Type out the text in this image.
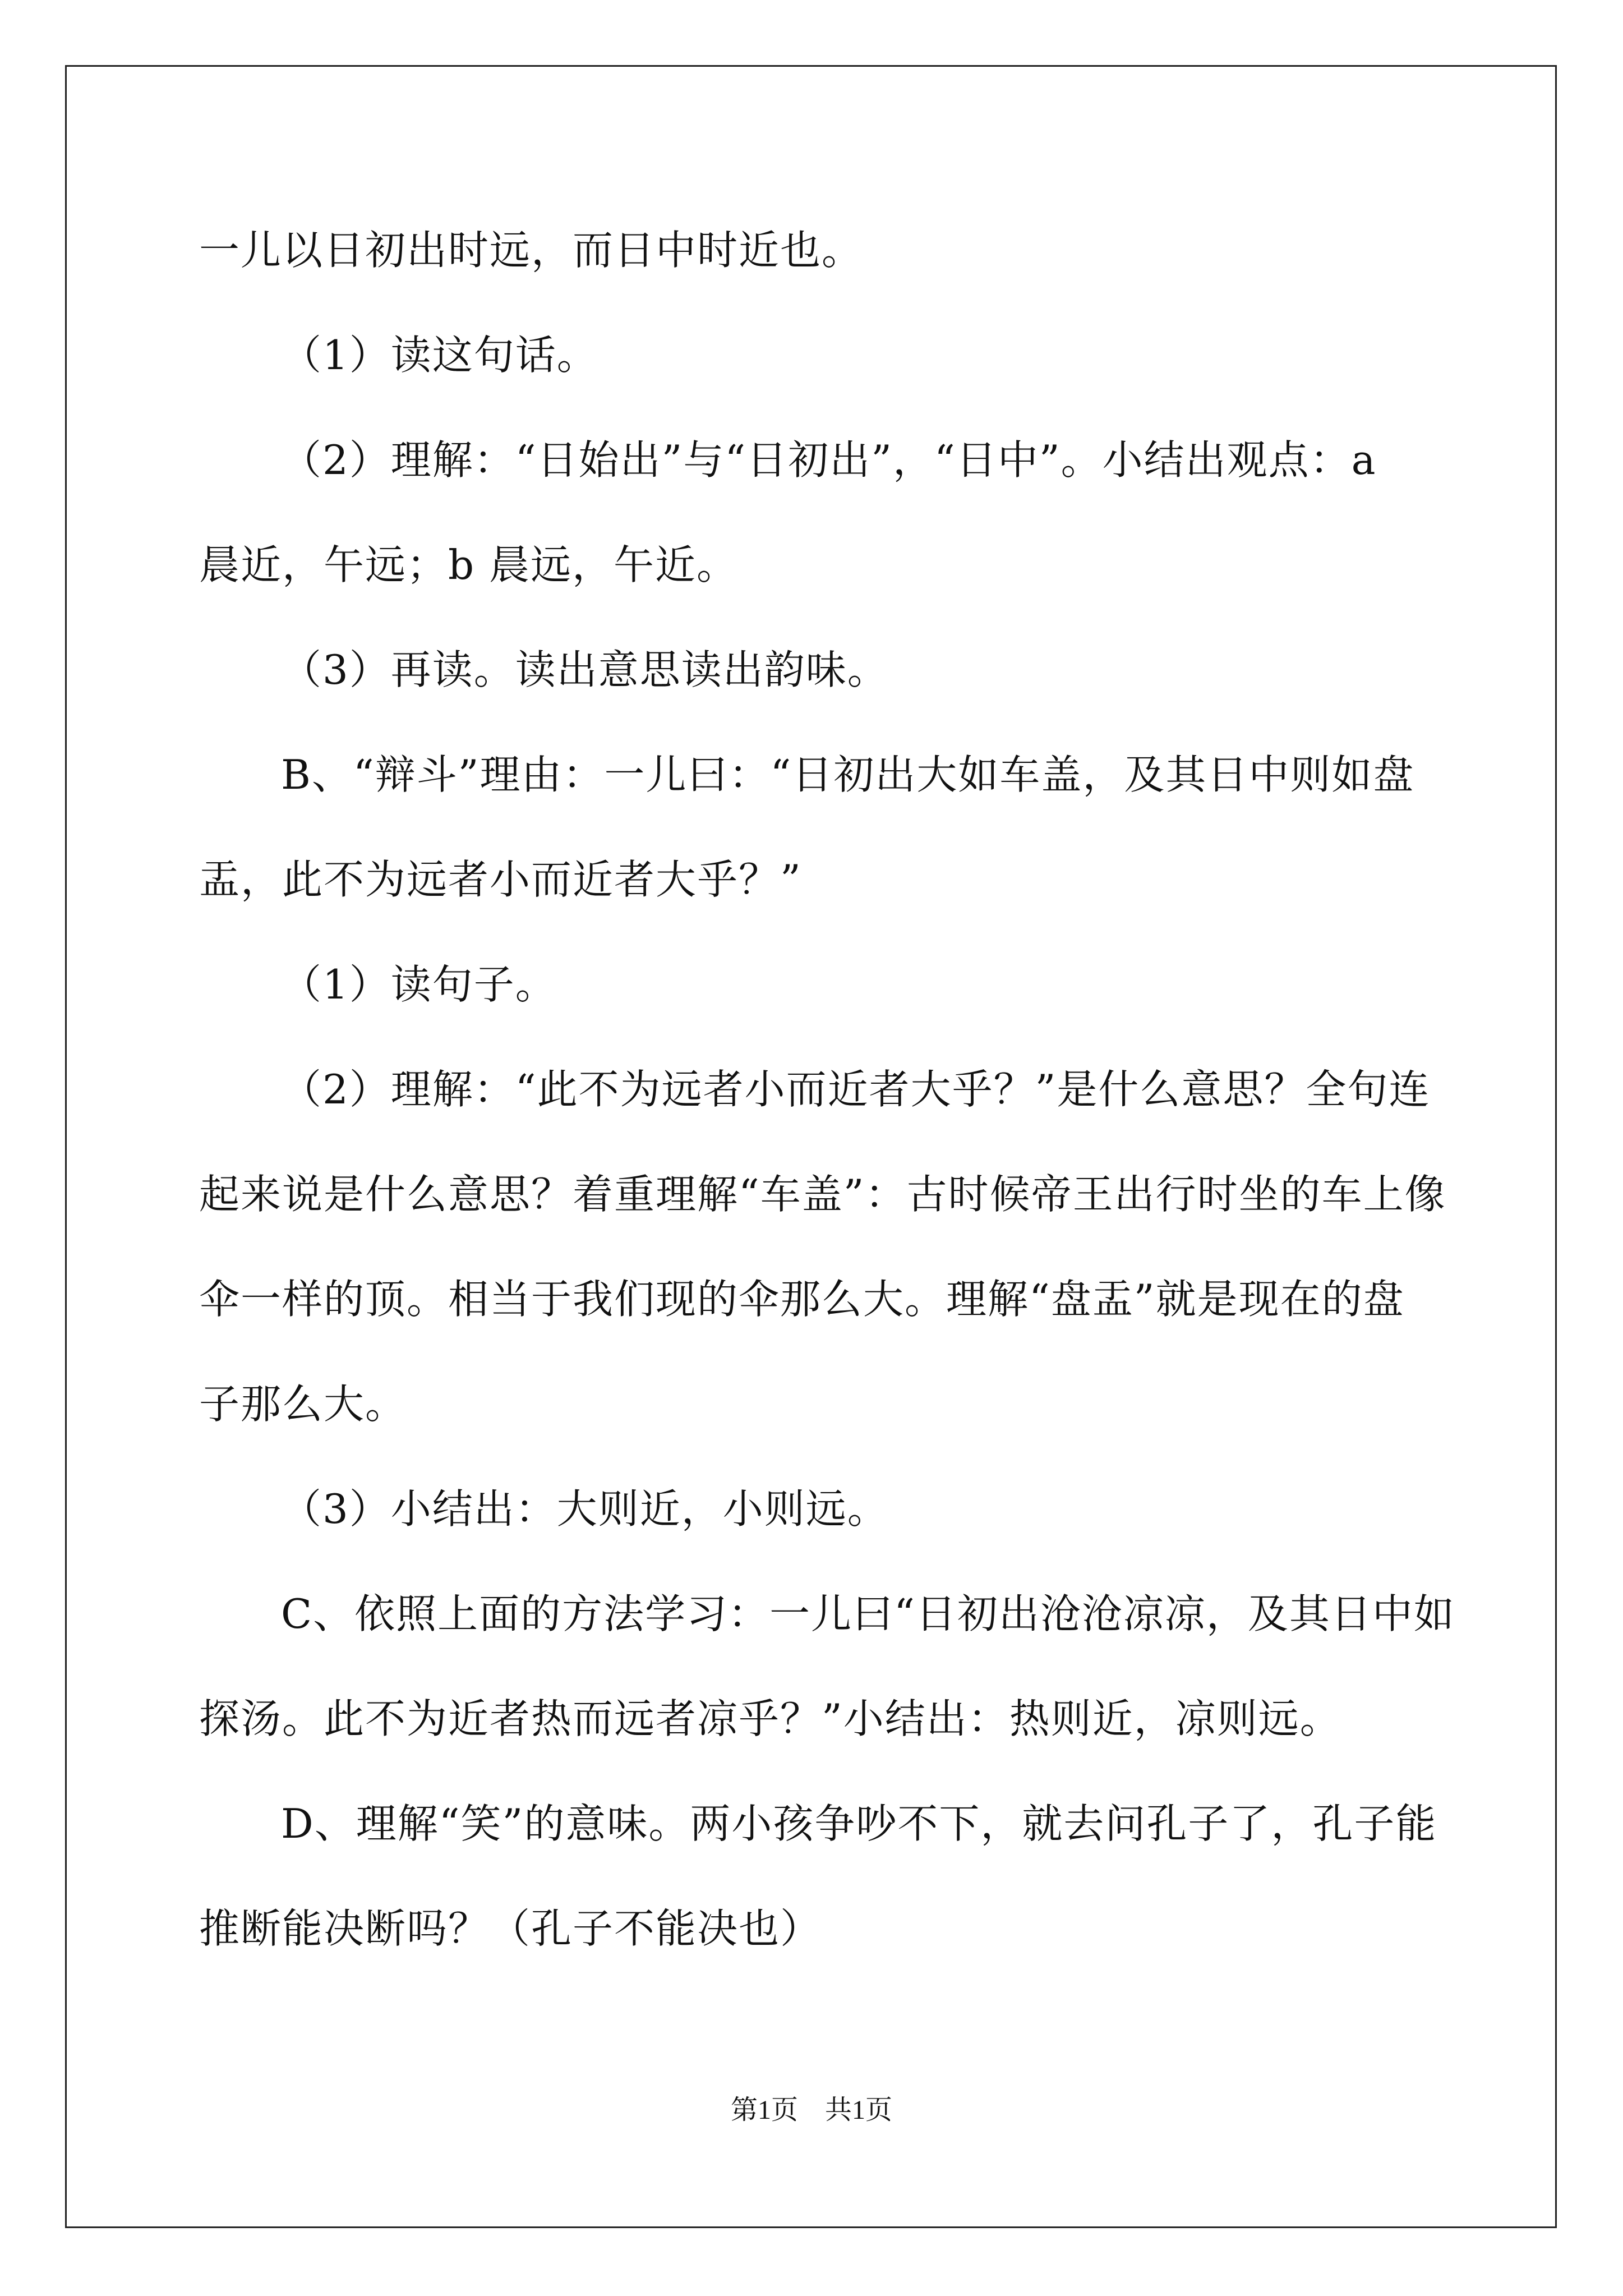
一儿以日初出时远，而日中时近也。

（1）读这句话。

（2）理解：“日始出”与“日初出”，“日中”。小结出观点：a

晨近，午远；b 晨远，午近。

（3）再读。读出意思读出韵味。

B、“辩斗”理由：一儿曰：“日初出大如车盖，及其日中则如盘

盂，此不为远者小而近者大乎？”

（1）读句子。

（2）理解：“此不为远者小而近者大乎？”是什么意思？全句连

起来说是什么意思？着重理解“车盖”：古时候帝王出行时坐的车上像

伞一样的顶。相当于我们现的伞那么大。理解“盘盂”就是现在的盘

子那么大。

（3）小结出：大则近，小则远。

C、依照上面的方法学习：一儿曰“日初出沧沧凉凉，及其日中如

探汤。此不为近者热而远者凉乎？”小结出：热则近，凉则远。

D、理解“笑”的意味。两小孩争吵不下，就去问孔子了，孔子能

推断能决断吗？（孔子不能决也）

第1页 共1页
